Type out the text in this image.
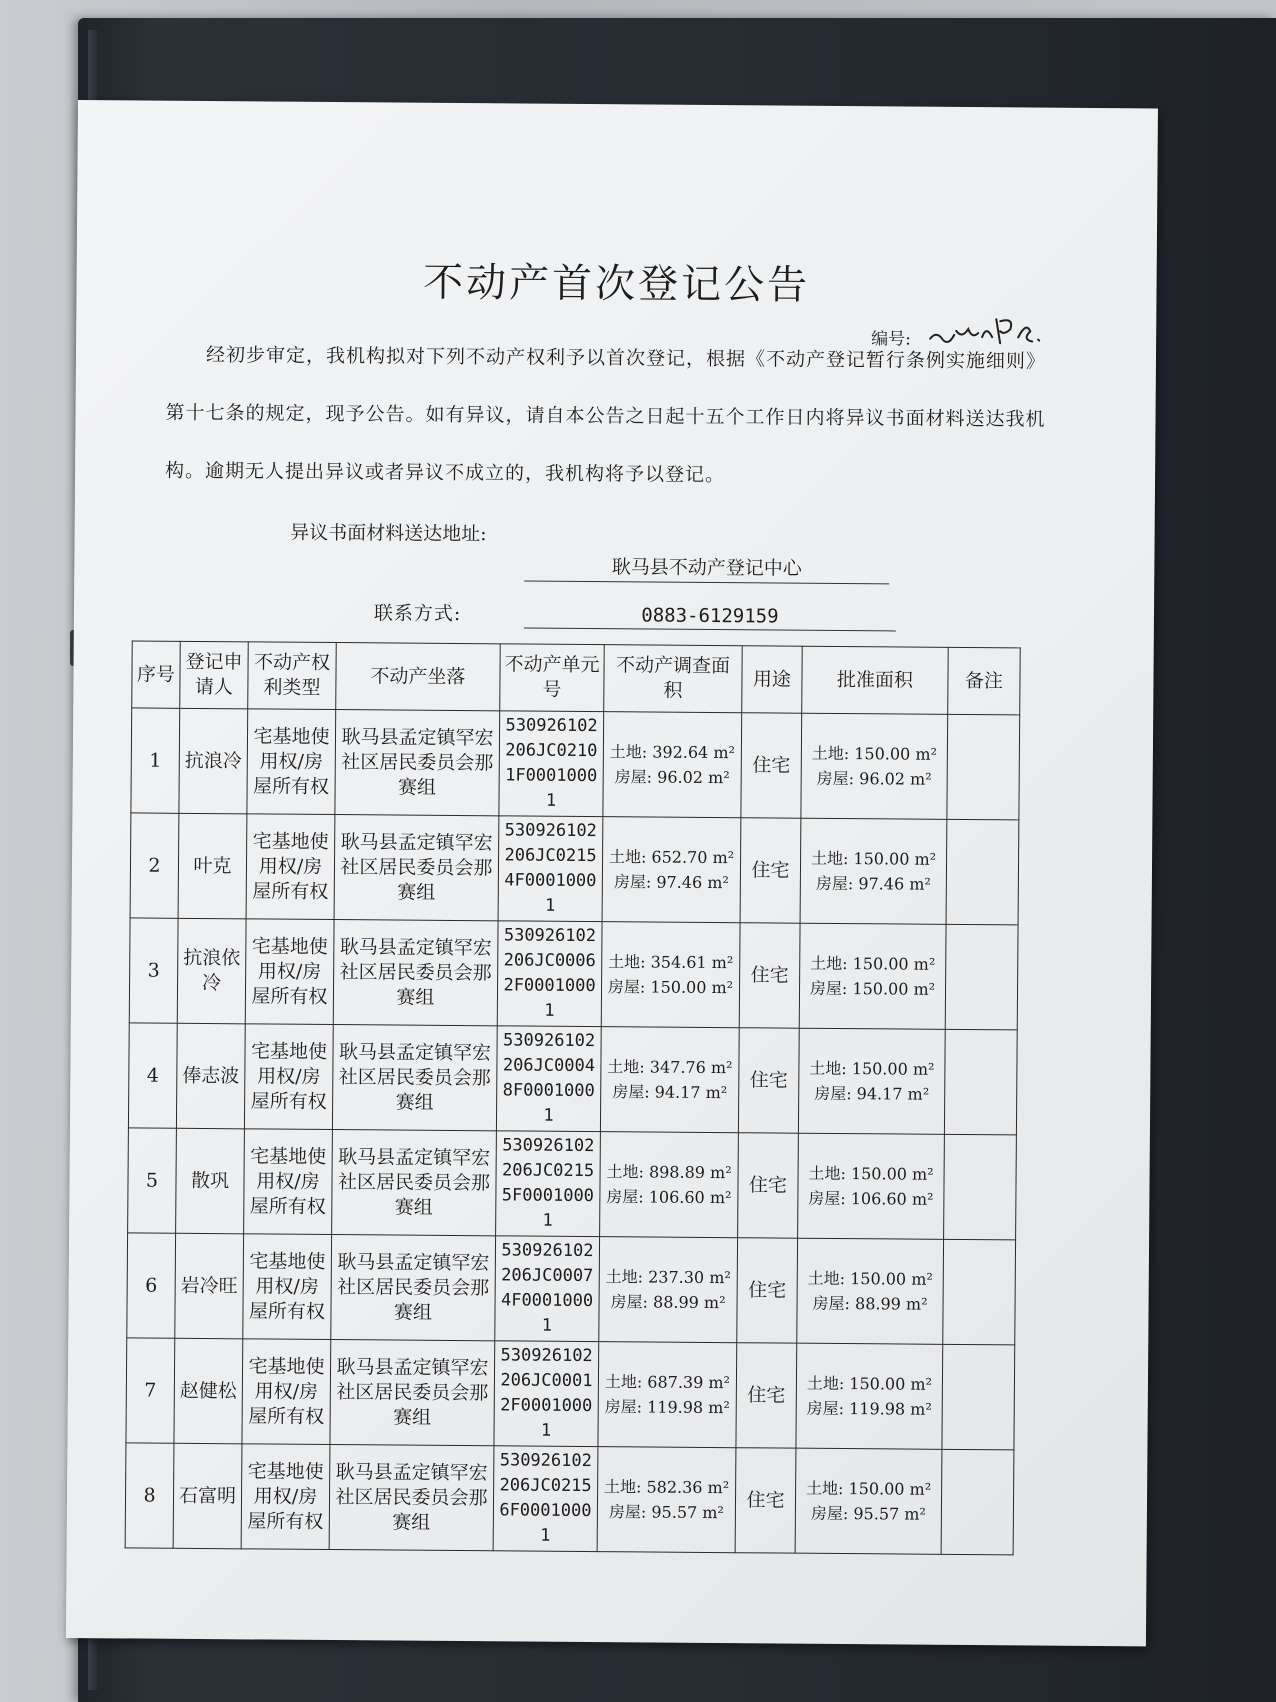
不动产首次登记公告
编号:
经初步审定，我机构拟对下列不动产权利予以首次登记，根据《不动产登记暂行条例实施细则》第十七条的规定，现予公告。如有异议，请自本公告之日起十五个工作日内将异议书面材料送达我机构。逾期无人提出异议或者异议不成立的，我机构将予以登记。
异议书面材料送达地址:
耿马县不动产登记中心
联系方式:	0883-6129159
序号	登记申请人	不动产权利类型	不动产坐落	不动产单元号	不动产调查面积	用途	批准面积	备注
1	抗浪冷	宅基地使用权/房屋所有权	耿马县孟定镇罕宏社区居民委员会那赛组	530926102206JC02101F00010001	土地: 392.64 m²
房屋: 96.02 m²	住宅	土地: 150.00 m²
房屋: 96.02 m²	

2	叶克	宅基地使用权/房屋所有权	耿马县孟定镇罕宏社区居民委员会那赛组	530926102206JC02154F00010001	土地: 652.70 m²
房屋: 97.46 m²	住宅	土地: 150.00 m²
房屋: 97.46 m²	

3	抗浪依冷	宅基地使用权/房屋所有权	耿马县孟定镇罕宏社区居民委员会那赛组	530926102206JC00062F00010001	土地: 354.61 m²
房屋: 150.00 m²	住宅	土地: 150.00 m²
房屋: 150.00 m²	

4	俸志波	宅基地使用权/房屋所有权	耿马县孟定镇罕宏社区居民委员会那赛组	530926102206JC00048F00010001	土地: 347.76 m²
房屋: 94.17 m²	住宅	土地: 150.00 m²
房屋: 94.17 m²	

5	散巩	宅基地使用权/房屋所有权	耿马县孟定镇罕宏社区居民委员会那赛组	530926102206JC02155F00010001	土地: 898.89 m²
房屋: 106.60 m²	住宅	土地: 150.00 m²
房屋: 106.60 m²	

6	岩冷旺	宅基地使用权/房屋所有权	耿马县孟定镇罕宏社区居民委员会那赛组	530926102206JC00074F00010001	土地: 237.30 m²
房屋: 88.99 m²	住宅	土地: 150.00 m²
房屋: 88.99 m²	

7	赵健松	宅基地使用权/房屋所有权	耿马县孟定镇罕宏社区居民委员会那赛组	530926102206JC00012F00010001	土地: 687.39 m²
房屋: 119.98 m²	住宅	土地: 150.00 m²
房屋: 119.98 m²	

8	石富明	宅基地使用权/房屋所有权	耿马县孟定镇罕宏社区居民委员会那赛组	530926102206JC02156F00010001	土地: 582.36 m²
房屋: 95.57 m²	住宅	土地: 150.00 m²
房屋: 95.57 m²	
